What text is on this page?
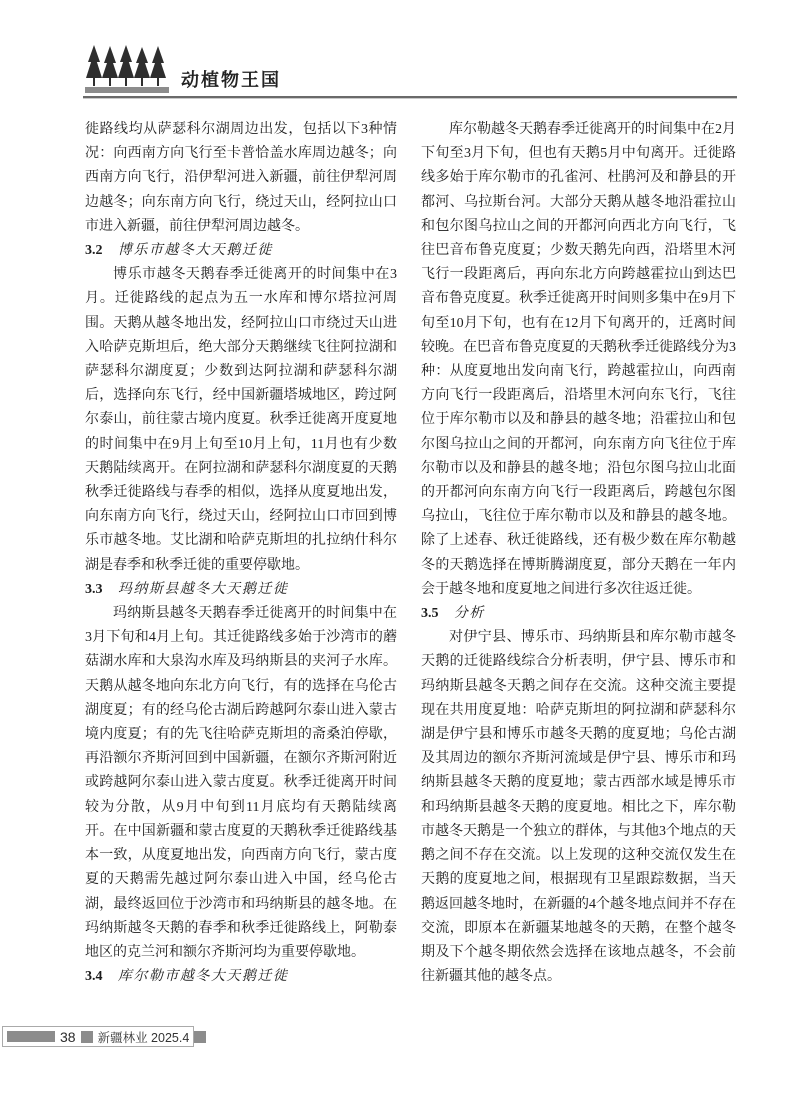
动植物王国

徙路线均从萨瑟科尔湖周边出发，包括以下3种情况：向西南方向飞行至卡普恰盖水库周边越冬；向西南方向飞行，沿伊犁河进入新疆，前往伊犁河周边越冬；向东南方向飞行，绕过天山，经阿拉山口市进入新疆，前往伊犁河周边越冬。

3.2 博乐市越冬大天鹅迁徙

博乐市越冬天鹅春季迁徙离开的时间集中在3月。迁徙路线的起点为五一水库和博尔塔拉河周围。天鹅从越冬地出发，经阿拉山口市绕过天山进入哈萨克斯坦后，绝大部分天鹅继续飞往阿拉湖和萨瑟科尔湖度夏；少数到达阿拉湖和萨瑟科尔湖后，选择向东飞行，经中国新疆塔城地区，跨过阿尔泰山，前往蒙古境内度夏。秋季迁徙离开度夏地的时间集中在9月上旬至10月上旬，11月也有少数天鹅陆续离开。在阿拉湖和萨瑟科尔湖度夏的天鹅秋季迁徙路线与春季的相似，选择从度夏地出发，向东南方向飞行，绕过天山，经阿拉山口市回到博乐市越冬地。艾比湖和哈萨克斯坦的扎拉纳什科尔湖是春季和秋季迁徙的重要停歇地。

3.3 玛纳斯县越冬大天鹅迁徙

玛纳斯县越冬天鹅春季迁徙离开的时间集中在3月下旬和4月上旬。其迁徙路线多始于沙湾市的蘑菇湖水库和大泉沟水库及玛纳斯县的夹河子水库。天鹅从越冬地向东北方向飞行，有的选择在乌伦古湖度夏；有的经乌伦古湖后跨越阿尔泰山进入蒙古境内度夏；有的先飞往哈萨克斯坦的斋桑泊停歇，再沿额尔齐斯河回到中国新疆，在额尔齐斯河附近或跨越阿尔泰山进入蒙古度夏。秋季迁徙离开时间较为分散，从9月中旬到11月底均有天鹅陆续离开。在中国新疆和蒙古度夏的天鹅秋季迁徙路线基本一致，从度夏地出发，向西南方向飞行，蒙古度夏的天鹅需先越过阿尔泰山进入中国，经乌伦古湖，最终返回位于沙湾市和玛纳斯县的越冬地。在玛纳斯越冬天鹅的春季和秋季迁徙路线上，阿勒泰地区的克兰河和额尔齐斯河均为重要停歇地。

3.4 库尔勒市越冬大天鹅迁徙

库尔勒越冬天鹅春季迁徙离开的时间集中在2月下旬至3月下旬，但也有天鹅5月中旬离开。迁徙路线多始于库尔勒市的孔雀河、杜鹃河及和静县的开都河、乌拉斯台河。大部分天鹅从越冬地沿霍拉山和包尔图乌拉山之间的开都河向西北方向飞行，飞往巴音布鲁克度夏；少数天鹅先向西，沿塔里木河飞行一段距离后，再向东北方向跨越霍拉山到达巴音布鲁克度夏。秋季迁徙离开时间则多集中在9月下旬至10月下旬，也有在12月下旬离开的，迁离时间较晚。在巴音布鲁克度夏的天鹅秋季迁徙路线分为3种：从度夏地出发向南飞行，跨越霍拉山，向西南方向飞行一段距离后，沿塔里木河向东飞行，飞往位于库尔勒市以及和静县的越冬地；沿霍拉山和包尔图乌拉山之间的开都河，向东南方向飞往位于库尔勒市以及和静县的越冬地；沿包尔图乌拉山北面的开都河向东南方向飞行一段距离后，跨越包尔图乌拉山，飞往位于库尔勒市以及和静县的越冬地。除了上述春、秋迁徙路线，还有极少数在库尔勒越冬的天鹅选择在博斯腾湖度夏，部分天鹅在一年内会于越冬地和度夏地之间进行多次往返迁徙。

3.5 分析

对伊宁县、博乐市、玛纳斯县和库尔勒市越冬天鹅的迁徙路线综合分析表明，伊宁县、博乐市和玛纳斯县越冬天鹅之间存在交流。这种交流主要提现在共用度夏地：哈萨克斯坦的阿拉湖和萨瑟科尔湖是伊宁县和博乐市越冬天鹅的度夏地；乌伦古湖及其周边的额尔齐斯河流域是伊宁县、博乐市和玛纳斯县越冬天鹅的度夏地；蒙古西部水域是博乐市和玛纳斯县越冬天鹅的度夏地。相比之下，库尔勒市越冬天鹅是一个独立的群体，与其他3个地点的天鹅之间不存在交流。以上发现的这种交流仅发生在天鹅的度夏地之间，根据现有卫星跟踪数据，当天鹅返回越冬地时，在新疆的4个越冬地点间并不存在交流，即原本在新疆某地越冬的天鹅，在整个越冬期及下个越冬期依然会选择在该地点越冬，不会前往新疆其他的越冬点。

38 新疆林业 2025.4
